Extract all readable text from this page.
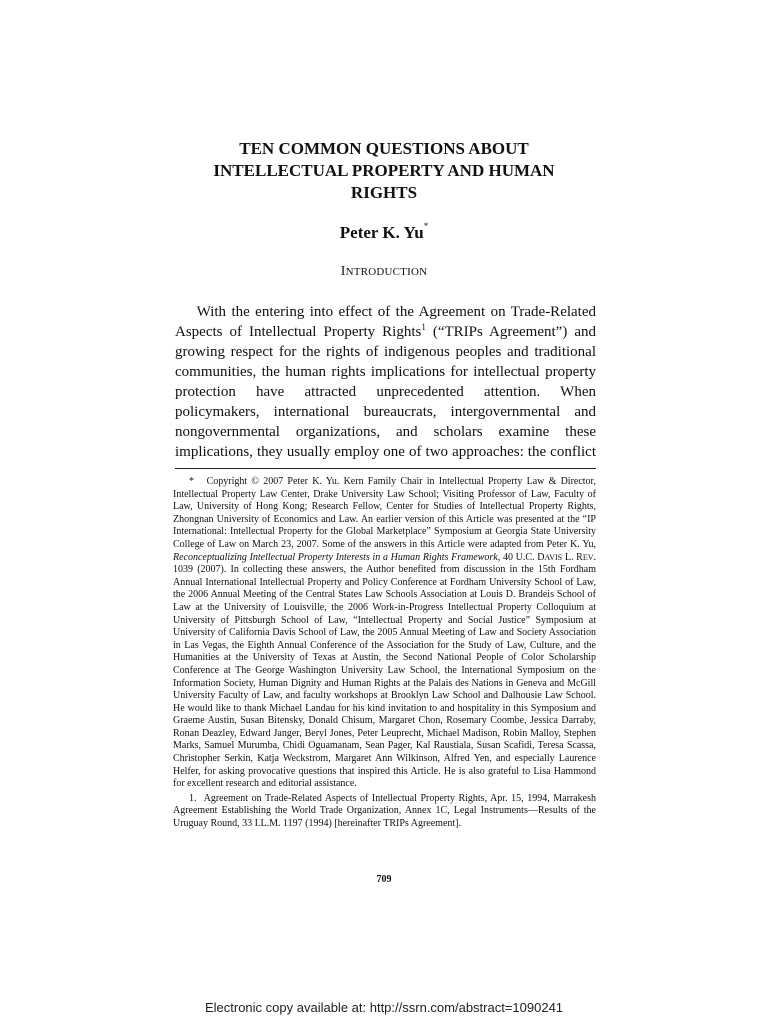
TEN COMMON QUESTIONS ABOUT
INTELLECTUAL PROPERTY AND HUMAN
RIGHTS
Peter K. Yu*
INTRODUCTION
With the entering into effect of the Agreement on Trade-Related
Aspects of Intellectual Property Rights$^1$ (“TRIPs Agreement”) and
growing respect for the rights of indigenous peoples and traditional
communities, the human rights implications for intellectual property
protection have attracted unprecedented attention. When
policymakers, international bureaucrats, intergovernmental and
nongovernmental organizations, and scholars examine these
implications, they usually employ one of two approaches: the conflict

* Copyright © 2007 Peter K. Yu. Kern Family Chair in Intellectual Property Law & Director, Intellectual Property Law Center, Drake University Law School; Visiting Professor of Law, Faculty of Law, University of Hong Kong; Research Fellow, Center for Studies of Intellectual Property Rights, Zhongnan University of Economics and Law. An earlier version of this Article was presented at the “IP International: Intellectual Property for the Global Marketplace” Symposium at Georgia State University College of Law on March 23, 2007. Some of the answers in this Article were adapted from Peter K. Yu, Reconceptualizing Intellectual Property Interests in a Human Rights Framework, 40 U.C. DAVIS L. REV. 1039 (2007). In collecting these answers, the Author benefited from discussion in the 15th Fordham Annual International Intellectual Property and Policy Conference at Fordham University School of Law, the 2006 Annual Meeting of the Central States Law Schools Association at Louis D. Brandeis School of Law at the University of Louisville, the 2006 Work-in-Progress Intellectual Property Colloquium at University of Pittsburgh School of Law, “Intellectual Property and Social Justice” Symposium at University of California Davis School of Law, the 2005 Annual Meeting of Law and Society Association in Las Vegas, the Eighth Annual Conference of the Association for the Study of Law, Culture, and the Humanities at the University of Texas at Austin, the Second National People of Color Scholarship Conference at The George Washington University Law School, the International Symposium on the Information Society, Human Dignity and Human Rights at the Palais des Nations in Geneva and McGill University Faculty of Law, and faculty workshops at Brooklyn Law School and Dalhousie Law School. He would like to thank Michael Landau for his kind invitation to and hospitality in this Symposium and Graeme Austin, Susan Bitensky, Donald Chisum, Margaret Chon, Rosemary Coombe, Jessica Darraby, Ronan Deazley, Edward Janger, Beryl Jones, Peter Leuprecht, Michael Madison, Robin Malloy, Stephen Marks, Samuel Murumba, Chidi Oguamanam, Sean Pager, Kal Raustiala, Susan Scafidi, Teresa Scassa, Christopher Serkin, Katja Weckstrom, Margaret Ann Wilkinson, Alfred Yen, and especially Laurence Helfer, for asking provocative questions that inspired this Article. He is also grateful to Lisa Hammond for excellent research and editorial assistance.

1. Agreement on Trade-Related Aspects of Intellectual Property Rights, Apr. 15, 1994, Marrakesh Agreement Establishing the World Trade Organization, Annex 1C, Legal Instruments—Results of the Uruguay Round, 33 I.L.M. 1197 (1994) [hereinafter TRIPs Agreement].

709
Electronic copy available at: http://ssrn.com/abstract=1090241
